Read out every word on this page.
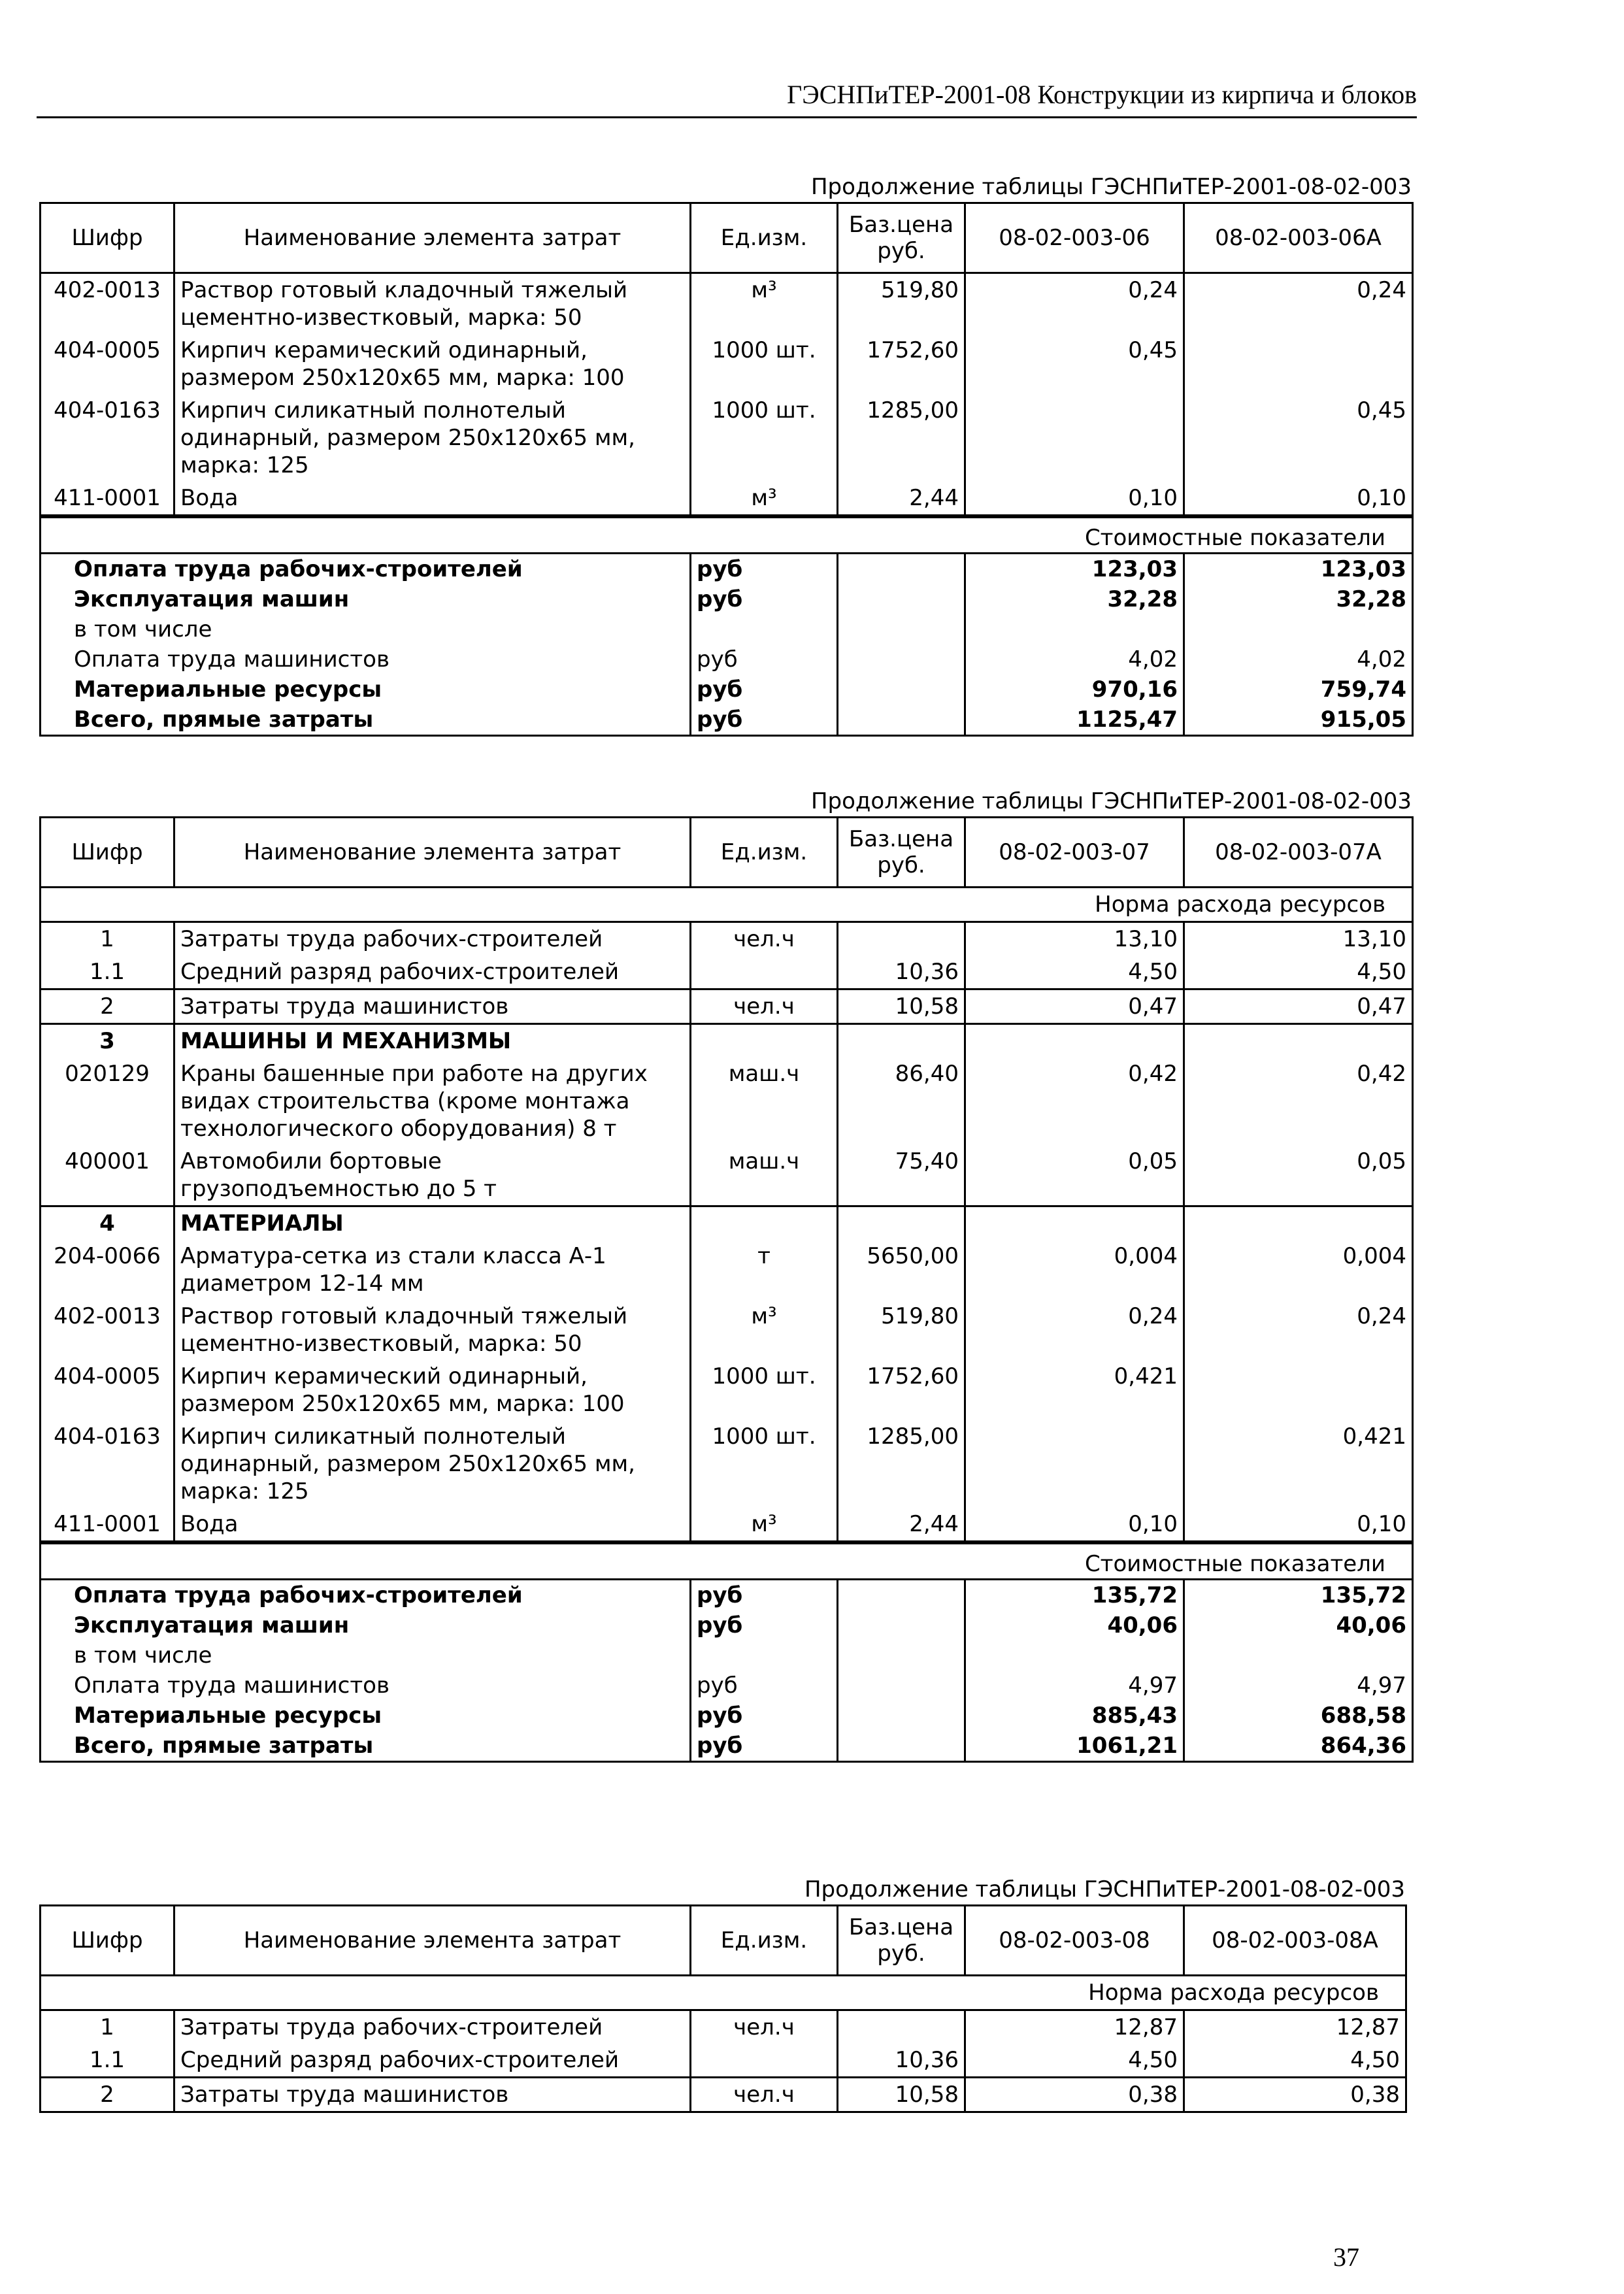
ГЭСНПиТЕР-2001-08 Конструкции из кирпича и блоков
Продолжение таблицы ГЭСНПиТЕР-2001-08-02-003
Шифр	Наименование элемента затрат	Ед.изм.	Баз.цена руб.	08-02-003-06	08-02-003-06А
402-0013	Раствор готовый кладочный тяжелый цементно-известковый, марка: 50	м³	519,80	0,24	0,24
404-0005	Кирпич керамический одинарный, размером 250х120х65 мм, марка: 100	1000 шт.	1752,60	0,45	
404-0163	Кирпич силикатный полнотелый одинарный, размером 250х120х65 мм, марка: 125	1000 шт.	1285,00		0,45
411-0001	Вода	м³	2,44	0,10	0,10
Стоимостные показатели				
Оплата труда рабочих-строителей	руб		123,03	123,03
Эксплуатация машин	руб		32,28	32,28
в том числе				
Оплата труда машинистов	руб		4,02	4,02
Материальные ресурсы	руб		970,16	759,74
Всего, прямые затраты	руб		1125,47	915,05
Продолжение таблицы ГЭСНПиТЕР-2001-08-02-003
Шифр	Наименование элемента затрат	Ед.изм.	Баз.цена руб.	08-02-003-07	08-02-003-07А
Норма расхода ресурсов					
1	Затраты труда рабочих-строителей	чел.ч		13,10	13,10
1.1	Средний разряд рабочих-строителей		10,36	4,50	4,50
2	Затраты труда машинистов	чел.ч	10,58	0,47	0,47
3	МАШИНЫ И МЕХАНИЗМЫ				
020129	Краны башенные при работе на других видах строительства (кроме монтажа технологического оборудования) 8 т	маш.ч	86,40	0,42	0,42
400001	Автомобили бортовые грузоподъемностью до 5 т	маш.ч	75,40	0,05	0,05
4	МАТЕРИАЛЫ				
204-0066	Арматура-сетка из стали класса А-1 диаметром 12-14 мм	т	5650,00	0,004	0,004
402-0013	Раствор готовый кладочный тяжелый цементно-известковый, марка: 50	м³	519,80	0,24	0,24
404-0005	Кирпич керамический одинарный, размером 250х120х65 мм, марка: 100	1000 шт.	1752,60	0,421	
404-0163	Кирпич силикатный полнотелый одинарный, размером 250х120х65 мм, марка: 125	1000 шт.	1285,00		0,421
411-0001	Вода	м³	2,44	0,10	0,10
Стоимостные показатели				
Оплата труда рабочих-строителей	руб		135,72	135,72
Эксплуатация машин	руб		40,06	40,06
в том числе				
Оплата труда машинистов	руб		4,97	4,97
Материальные ресурсы	руб		885,43	688,58
Всего, прямые затраты	руб		1061,21	864,36
Продолжение таблицы ГЭСНПиТЕР-2001-08-02-003
Шифр	Наименование элемента затрат	Ед.изм.	Баз.цена руб.	08-02-003-08	08-02-003-08А
Норма расхода ресурсов					
1	Затраты труда рабочих-строителей	чел.ч		12,87	12,87
1.1	Средний разряд рабочих-строителей		10,36	4,50	4,50
2	Затраты труда машинистов	чел.ч	10,58	0,38	0,38
37
